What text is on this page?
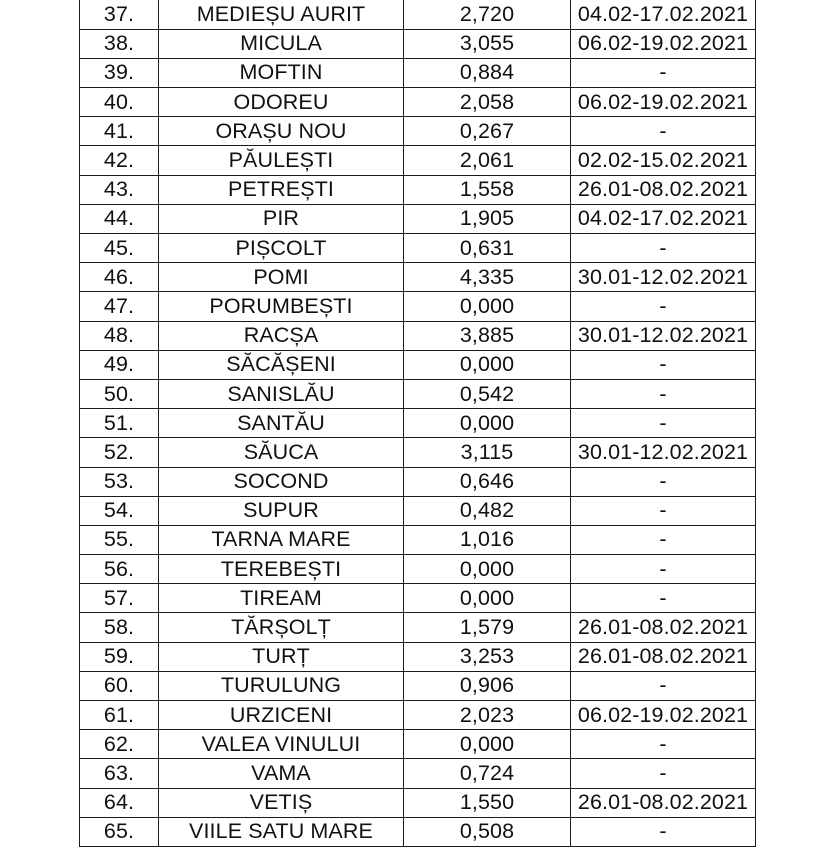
37.	MEDIEȘU AURIT	2,720	04.02-17.02.2021
38.	MICULA	3,055	06.02-19.02.2021
39.	MOFTIN	0,884	-
40.	ODOREU	2,058	06.02-19.02.2021
41.	ORAȘU NOU	0,267	-
42.	PĂULEȘTI	2,061	02.02-15.02.2021
43.	PETREȘTI	1,558	26.01-08.02.2021
44.	PIR	1,905	04.02-17.02.2021
45.	PIȘCOLT	0,631	-
46.	POMI	4,335	30.01-12.02.2021
47.	PORUMBEȘTI	0,000	-
48.	RACȘA	3,885	30.01-12.02.2021
49.	SĂCĂȘENI	0,000	-
50.	SANISLĂU	0,542	-
51.	SANTĂU	0,000	-
52.	SĂUCA	3,115	30.01-12.02.2021
53.	SOCOND	0,646	-
54.	SUPUR	0,482	-
55.	TARNA MARE	1,016	-
56.	TEREBEȘTI	0,000	-
57.	TIREAM	0,000	-
58.	TĂRȘOLȚ	1,579	26.01-08.02.2021
59.	TURȚ	3,253	26.01-08.02.2021
60.	TURULUNG	0,906	-
61.	URZICENI	2,023	06.02-19.02.2021
62.	VALEA VINULUI	0,000	-
63.	VAMA	0,724	-
64.	VETIȘ	1,550	26.01-08.02.2021
65.	VIILE SATU MARE	0,508	-
